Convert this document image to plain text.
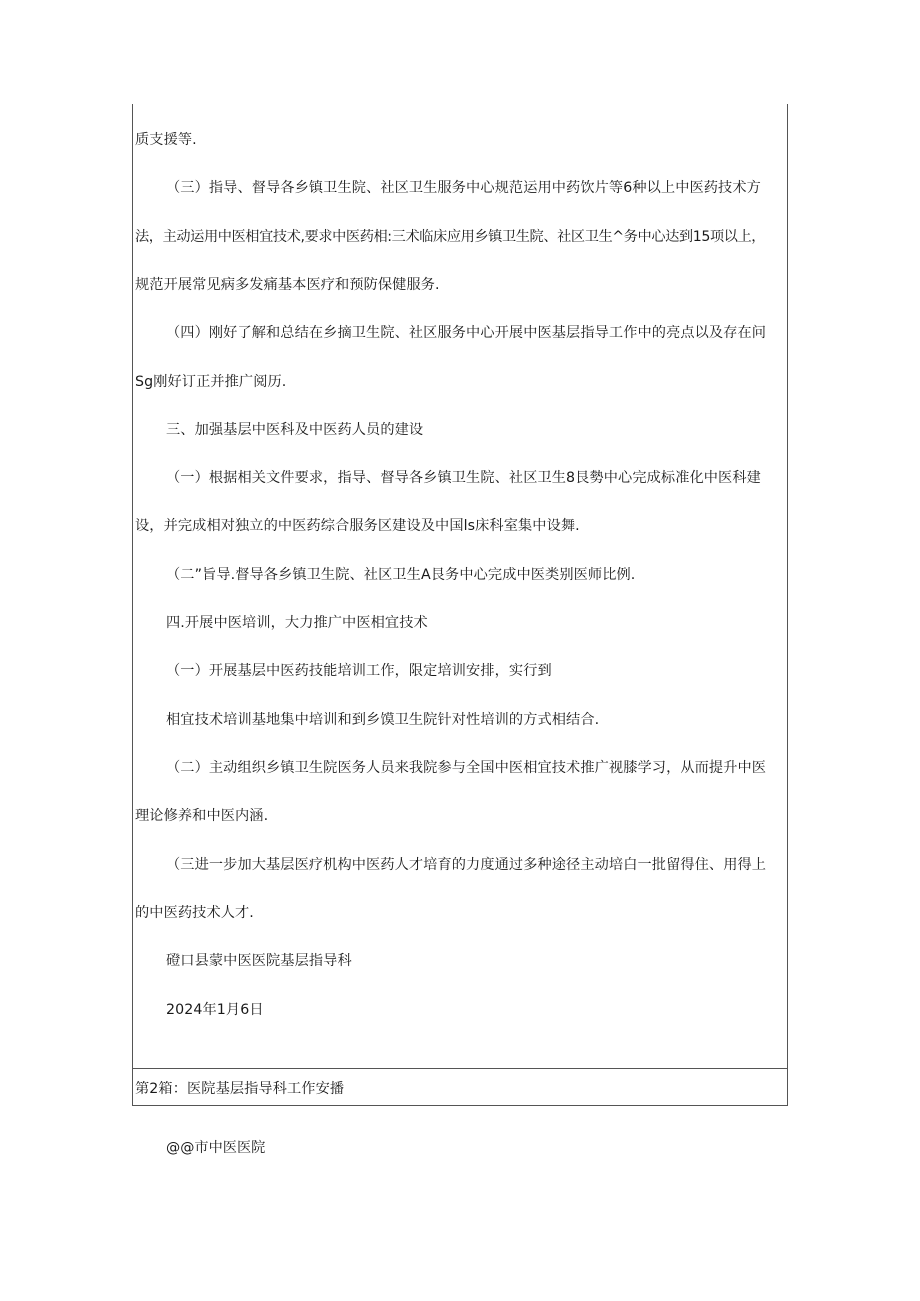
质支援等.
（三）指导、督导各乡镇卫生院、社区卫生服务中心规范运用中药饮片等6种以上中医药技术方
法，主动运用中医相宜技术,要求中医药相:三术临床应用乡镇卫生院、社区卫生^务中心达到15项以上，
规范开展常见病多发痛基本医疗和预防保健服务.
（四）刚好了解和总结在乡摘卫生院、社区服务中心开展中医基层指导工作中的亮点以及存在问
Sg刚好订正并推广阅历.
三、加强基层中医科及中医药人员的建设
（一）根据相关文件要求，指导、督导各乡镇卫生院、社区卫生8艮勢中心完成标准化中医科建
设，并完成相对独立的中医药综合服务区建设及中国ls床科室集中设舞.
（二”旨导.督导各乡镇卫生院、社区卫生A艮务中心完成中医类别医师比例.
四.开展中医培训，大力推广中医相宜技术
（一）开展基层中医药技能培训工作，限定培训安排，实行到
相宜技术培训基地集中培训和到乡馍卫生院针对性培训的方式相结合.
（二）主动组织乡镇卫生院医务人员来我院参与全国中医相宜技术推广视膝学习，从而提升中医
理论修养和中医内涵.
（三进一步加大基层医疗机构中医药人才培育的力度通过多种途径主动培白一批留得住、用得上
的中医药技术人才.
磴口县蒙中医医院基层指导科
2024年1月6日
第2箱：医院基层指导科工作安播
@@市中医医院
